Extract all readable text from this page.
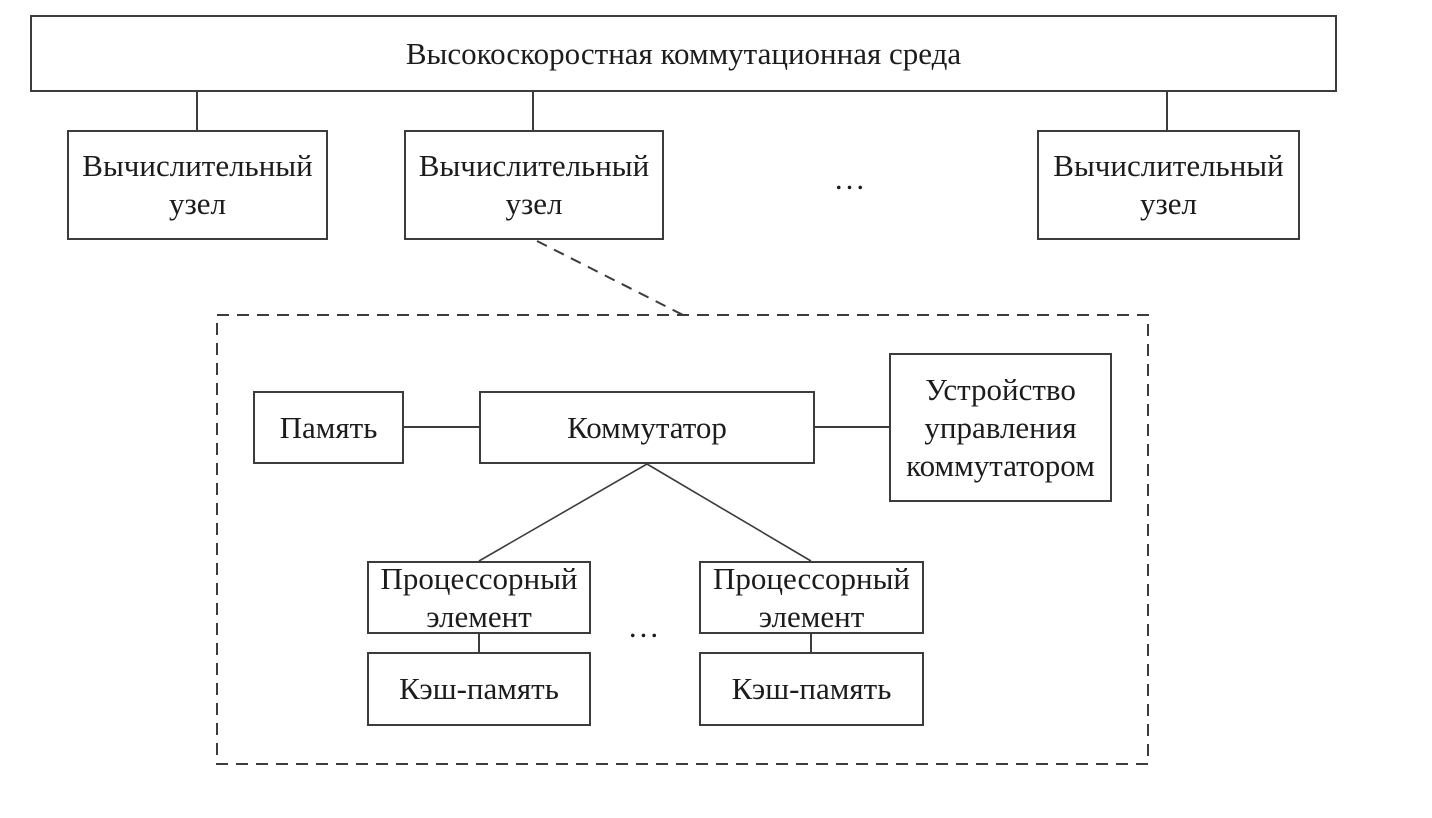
Высокоскоростная коммутационная среда
Вычислительный узел
Вычислительный узел
...	Вычислительный узел
Память	Коммутатор
Устройство управления коммутатором
Процессорный элемент	...
Процессорный элемент
Кэш-память	Кэш-память
